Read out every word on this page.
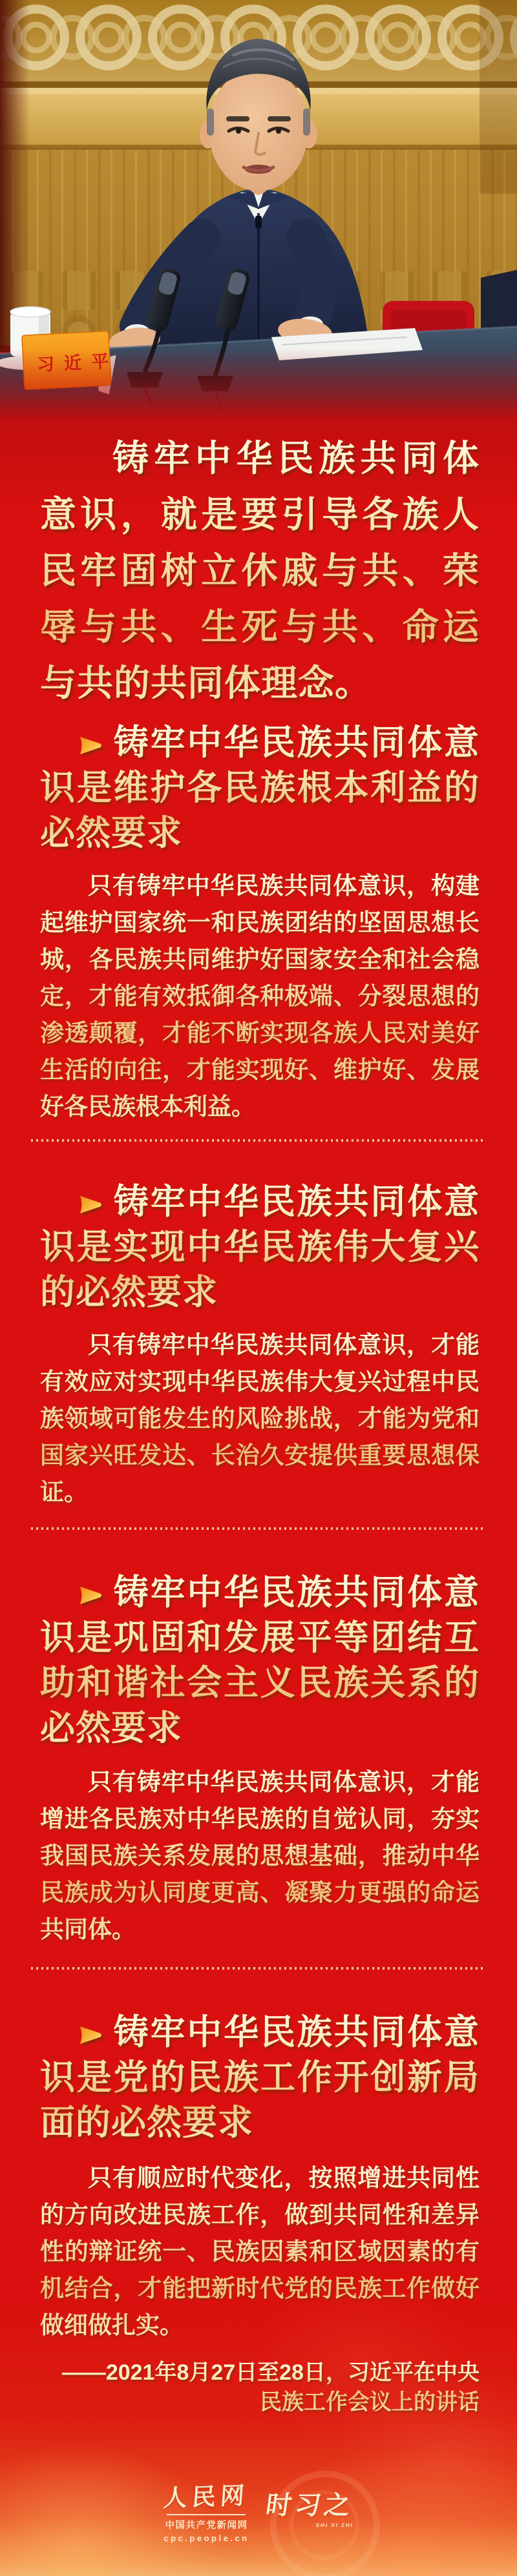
铸牢中华民族共同体意识，就是要引导各族人民牢固树立休戚与共、荣辱与共、生死与共、命运与共的共同体理念。

铸牢中华民族共同体意识是维护各民族根本利益的必然要求

只有铸牢中华民族共同体意识，构建起维护国家统一和民族团结的坚固思想长城，各民族共同维护好国家安全和社会稳定，才能有效抵御各种极端、分裂思想的渗透颠覆，才能不断实现各族人民对美好生活的向往，才能实现好、维护好、发展好各民族根本利益。

铸牢中华民族共同体意识是实现中华民族伟大复兴的必然要求

只有铸牢中华民族共同体意识，才能有效应对实现中华民族伟大复兴过程中民族领域可能发生的风险挑战，才能为党和国家兴旺发达、长治久安提供重要思想保证。

铸牢中华民族共同体意识是巩固和发展平等团结互助和谐社会主义民族关系的必然要求

只有铸牢中华民族共同体意识，才能增进各民族对中华民族的自觉认同，夯实我国民族关系发展的思想基础，推动中华民族成为认同度更高、凝聚力更强的命运共同体。

铸牢中华民族共同体意识是党的民族工作开创新局面的必然要求

只有顺应时代变化，按照增进共同性的方向改进民族工作，做到共同性和差异性的辩证统一、民族因素和区域因素的有机结合，才能把新时代党的民族工作做好做细做扎实。

——2021年8月27日至28日，习近平在中央民族工作会议上的讲话

人民网
中国共产党新闻网
cpc.people.cn
时习之
SHI XI ZHI
